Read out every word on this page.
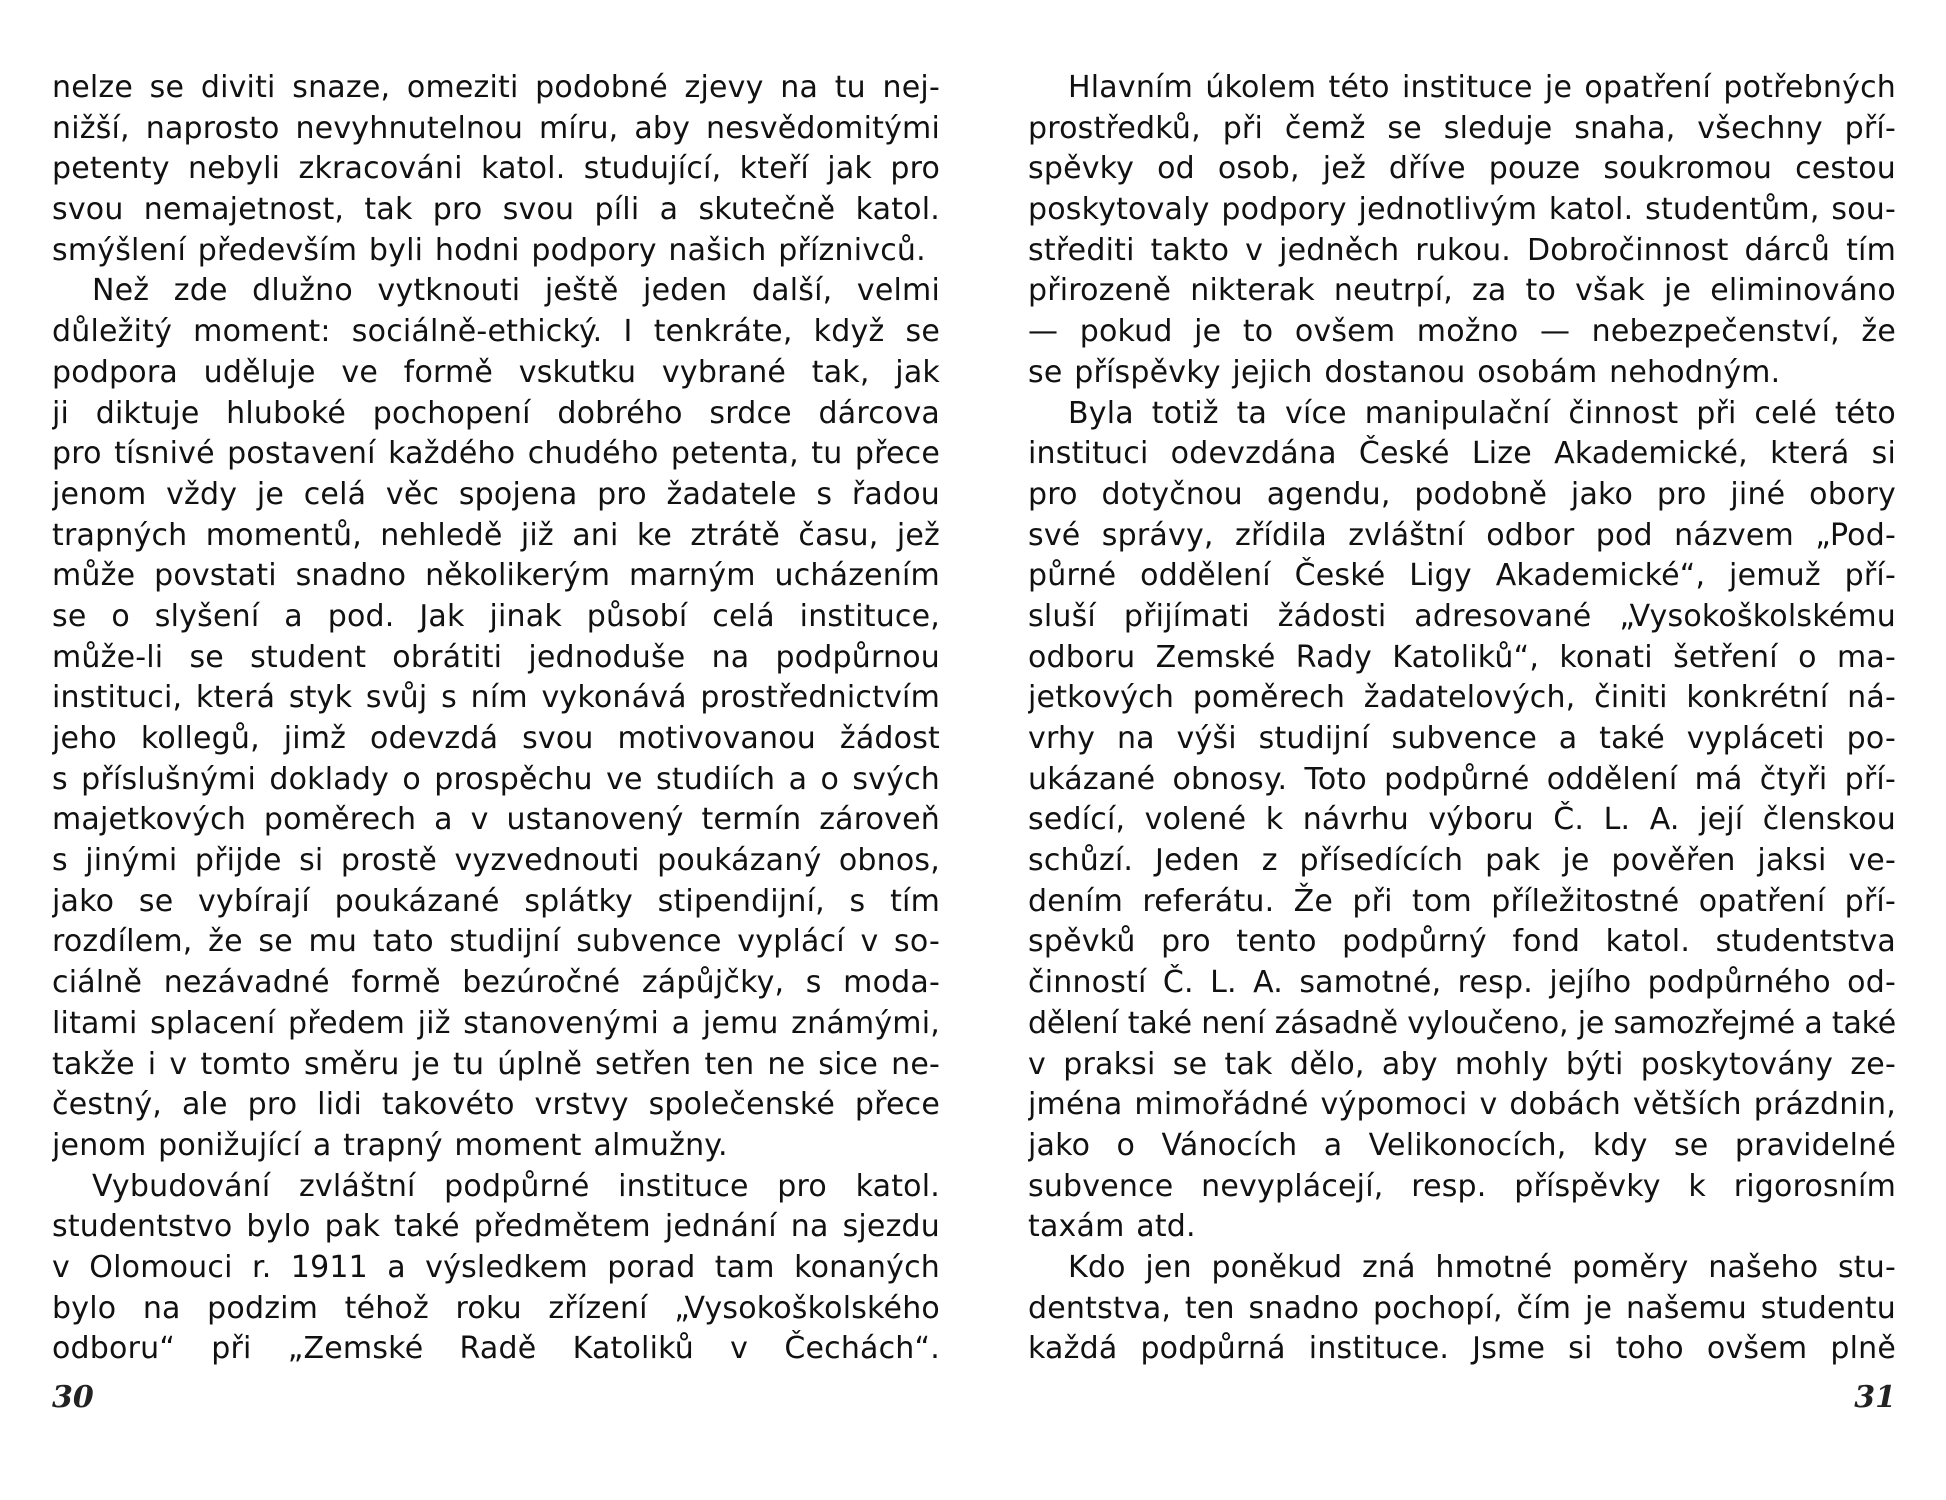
nelze se diviti snaze, omeziti podobné zjevy na tu nej-
nižší, naprosto nevyhnutelnou míru, aby nesvědomitými
petenty nebyli zkracováni katol. studující, kteří jak pro
svou nemajetnost, tak pro svou píli a skutečně katol.
smýšlení především byli hodni podpory našich příznivců.
Než zde dlužno vytknouti ještě jeden další, velmi
důležitý moment: sociálně-ethický. I tenkráte, když se
podpora uděluje ve formě vskutku vybrané tak, jak
ji diktuje hluboké pochopení dobrého srdce dárcova
pro tísnivé postavení každého chudého petenta, tu přece
jenom vždy je celá věc spojena pro žadatele s řadou
trapných momentů, nehledě již ani ke ztrátě času, jež
může povstati snadno několikerým marným ucházením
se o slyšení a pod. Jak jinak působí celá instituce,
může-li se student obrátiti jednoduše na podpůrnou
instituci, která styk svůj s ním vykonává prostřednictvím
jeho kollegů, jimž odevzdá svou motivovanou žádost
s příslušnými doklady o prospěchu ve studiích a o svých
majetkových poměrech a v ustanovený termín zároveň
s jinými přijde si prostě vyzvednouti poukázaný obnos,
jako se vybírají poukázané splátky stipendijní, s tím
rozdílem, že se mu tato studijní subvence vyplácí v so-
ciálně nezávadné formě bezúročné zápůjčky, s moda-
litami splacení předem již stanovenými a jemu známými,
takže i v tomto směru je tu úplně setřen ten ne sice ne-
čestný, ale pro lidi takovéto vrstvy společenské přece
jenom ponižující a trapný moment almužny.
Vybudování zvláštní podpůrné instituce pro katol.
studentstvo bylo pak také předmětem jednání na sjezdu
v Olomouci r. 1911 a výsledkem porad tam konaných
bylo na podzim téhož roku zřízení „Vysokoškolského
odboru“ při „Zemské Radě Katoliků v Čechách“.
30
Hlavním úkolem této instituce je opatření potřebných
prostředků, při čemž se sleduje snaha, všechny pří-
spěvky od osob, jež dříve pouze soukromou cestou
poskytovaly podpory jednotlivým katol. studentům, sou-
střediti takto v jedněch rukou. Dobročinnost dárců tím
přirozeně nikterak neutrpí, za to však je eliminováno
— pokud je to ovšem možno — nebezpečenství, že
se příspěvky jejich dostanou osobám nehodným.
Byla totiž ta více manipulační činnost při celé této
instituci odevzdána České Lize Akademické, která si
pro dotyčnou agendu, podobně jako pro jiné obory
své správy, zřídila zvláštní odbor pod názvem „Pod-
půrné oddělení České Ligy Akademické“, jemuž pří-
sluší přijímati žádosti adresované „Vysokoškolskému
odboru Zemské Rady Katoliků“, konati šetření o ma-
jetkových poměrech žadatelových, činiti konkrétní ná-
vrhy na výši studijní subvence a také vypláceti po-
ukázané obnosy. Toto podpůrné oddělení má čtyři pří-
sedící, volené k návrhu výboru Č. L. A. její členskou
schůzí. Jeden z přísedících pak je pověřen jaksi ve-
dením referátu. Že při tom příležitostné opatření pří-
spěvků pro tento podpůrný fond katol. studentstva
činností Č. L. A. samotné, resp. jejího podpůrného od-
dělení také není zásadně vyloučeno, je samozřejmé a také
v praksi se tak dělo, aby mohly býti poskytovány ze-
jména mimořádné výpomoci v dobách větších prázdnin,
jako o Vánocích a Velikonocích, kdy se pravidelné
subvence nevyplácejí, resp. příspěvky k rigorosním
taxám atd.
Kdo jen poněkud zná hmotné poměry našeho stu-
dentstva, ten snadno pochopí, čím je našemu studentu
každá podpůrná instituce. Jsme si toho ovšem plně
31
